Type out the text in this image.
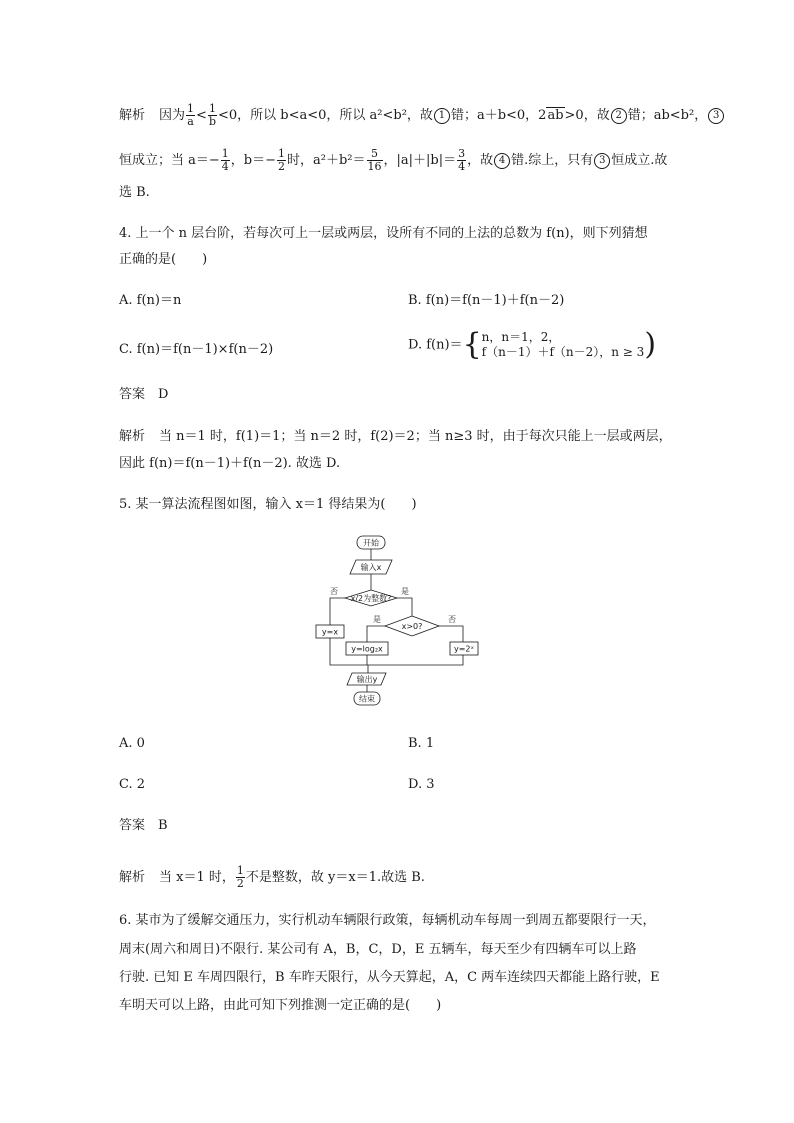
解析 因为 $\frac{1}{a} < \frac{1}{b} <0$，所以 b<a<0，所以 a²<b²，故 1 错；a＋b<0，2ab>0，故 2 错；ab<b²， 3
恒成立；当 $a=- \frac{1}{4}$ ，$b=- \frac{1}{2}$ 时，$a^2+b^2= \frac{5}{16}$ ，$|a|+|b|= \frac{3}{4}$ ，故 4 错.综上，只有 3 恒成立.故
选 B.
4. 上一个 n 层台阶，若每次可上一层或两层，设所有不同的上法的总数为 f(n)，则下列猜想
正确的是(　　)
A. f(n)＝n	B. f(n)＝f(n－1)＋f(n－2)
C. f(n)＝f(n－1)×f(n－2)	D. f(n)＝{ n，n＝1，2，
f（n－1）＋f（n－2），n ≥ 3 )
答案　D
解析 当 n＝1 时，f(1)＝1；当 n＝2 时，f(2)＝2；当 n≥3 时，由于每次只能上一层或两层，
因此 f(n)＝f(n－1)＋f(n－2). 故选 D.
5. 某一算法流程图如图，输入 x＝1 得结果为(　　)
开始
输入x
x/2为整数?
否	是
y=x
x>0?
是	否
y=log₂x	y=2ˣ
输出y
结束
A. 0	B. 1
C. 2	D. 3
答案　B
解析 当 x＝1 时， $\frac{1}{2}$ 不是整数，故 y＝x＝1.故选 B.
6. 某市为了缓解交通压力，实行机动车辆限行政策，每辆机动车每周一到周五都要限行一天，
周末(周六和周日)不限行. 某公司有 A，B，C，D，E 五辆车，每天至少有四辆车可以上路
行驶. 已知 E 车周四限行，B 车昨天限行，从今天算起，A，C 两车连续四天都能上路行驶，E
车明天可以上路，由此可知下列推测一定正确的是(　　)
